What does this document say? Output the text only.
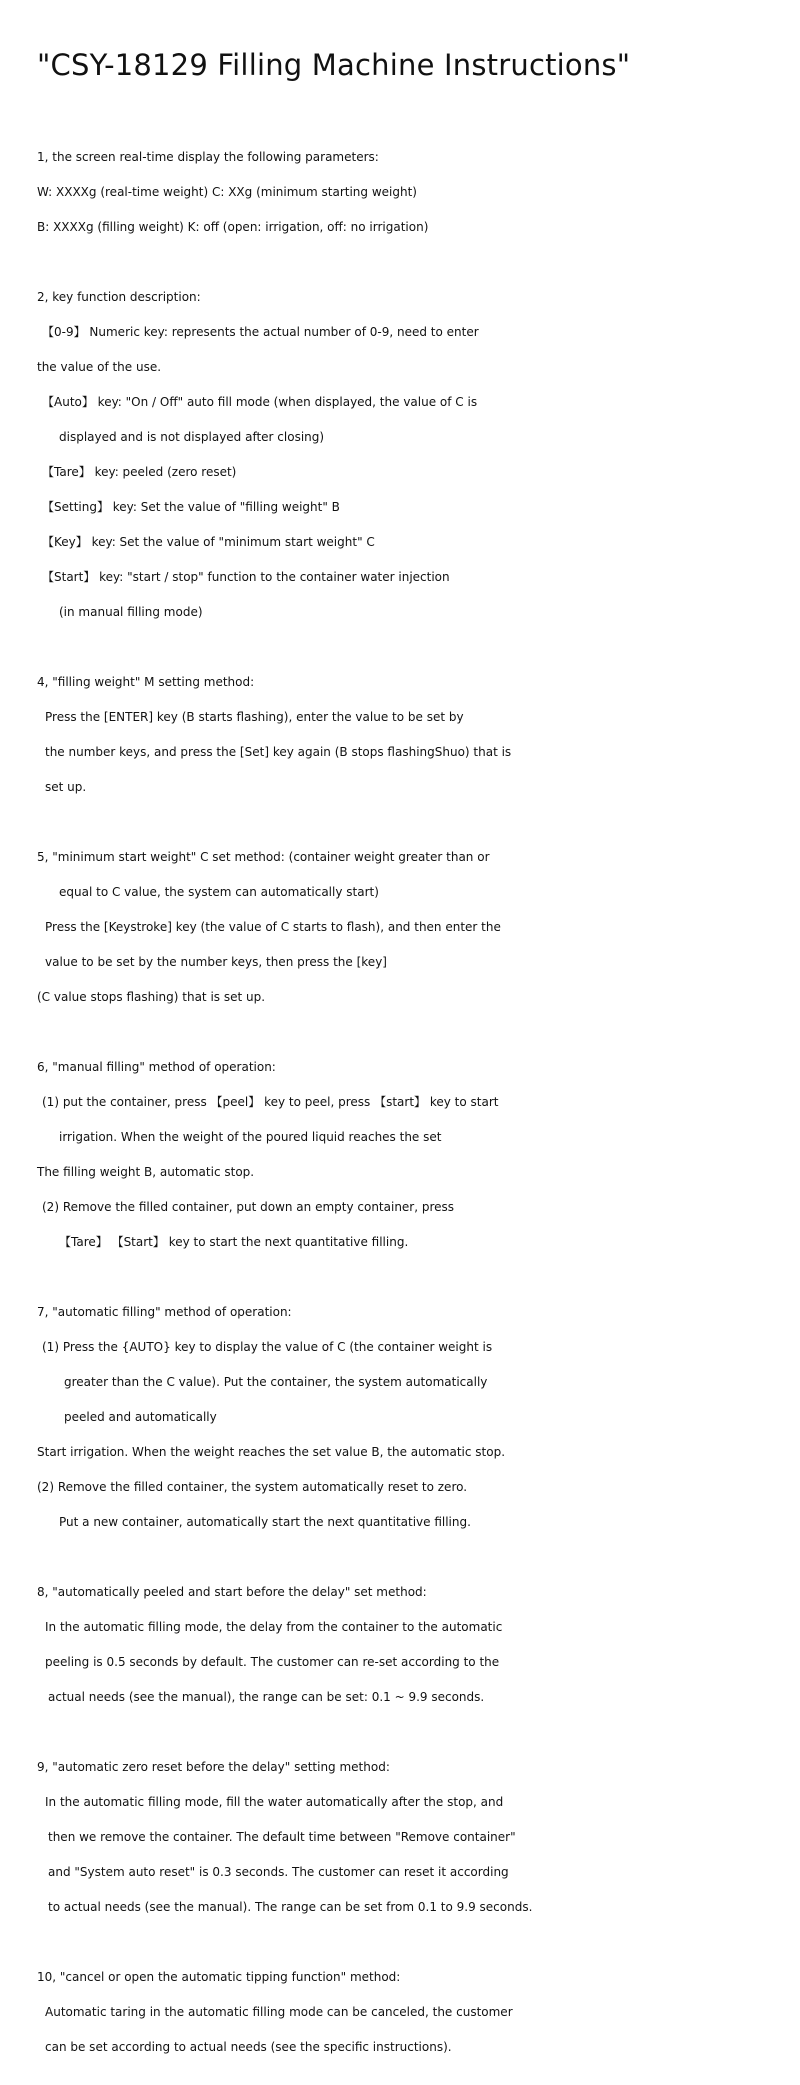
"CSY-18129 Filling Machine Instructions"

1, the screen real-time display the following parameters:

W: XXXXg (real-time weight) C: XXg (minimum starting weight)

B: XXXXg (filling weight) K: off (open: irrigation, off: no irrigation)

2, key function description:

【0-9】 Numeric key: represents the actual number of 0-9, need to enter

the value of the use.

【Auto】 key: "On / Off" auto fill mode (when displayed, the value of C is

displayed and is not displayed after closing)

【Tare】 key: peeled (zero reset)

【Setting】 key: Set the value of "filling weight" B

【Key】 key: Set the value of "minimum start weight" C

【Start】 key: "start / stop" function to the container water injection

(in manual filling mode)

4, "filling weight" M setting method:

Press the [ENTER] key (B starts flashing), enter the value to be set by

the number keys, and press the [Set] key again (B stops flashingShuo) that is

set up.

5, "minimum start weight" C set method: (container weight greater than or

equal to C value, the system can automatically start)

Press the [Keystroke] key (the value of C starts to flash), and then enter the

value to be set by the number keys, then press the [key]

(C value stops flashing) that is set up.

6, "manual filling" method of operation:

(1) put the container, press 【peel】 key to peel, press 【start】 key to start

irrigation. When the weight of the poured liquid reaches the set

The filling weight B, automatic stop.

(2) Remove the filled container, put down an empty container, press

【Tare】 【Start】 key to start the next quantitative filling.

7, "automatic filling" method of operation:

(1) Press the {AUTO} key to display the value of C (the container weight is

greater than the C value). Put the container, the system automatically

peeled and automatically

Start irrigation. When the weight reaches the set value B, the automatic stop.

(2) Remove the filled container, the system automatically reset to zero.

Put a new container, automatically start the next quantitative filling.

8, "automatically peeled and start before the delay" set method:

In the automatic filling mode, the delay from the container to the automatic

peeling is 0.5 seconds by default. The customer can re-set according to the

actual needs (see the manual), the range can be set: 0.1 ~ 9.9 seconds.

9, "automatic zero reset before the delay" setting method:

In the automatic filling mode, fill the water automatically after the stop, and

then we remove the container. The default time between "Remove container"

and "System auto reset" is 0.3 seconds. The customer can reset it according

to actual needs (see the manual). The range can be set from 0.1 to 9.9 seconds.

10, "cancel or open the automatic tipping function" method:

Automatic taring in the automatic filling mode can be canceled, the customer

can be set according to actual needs (see the specific instructions).
